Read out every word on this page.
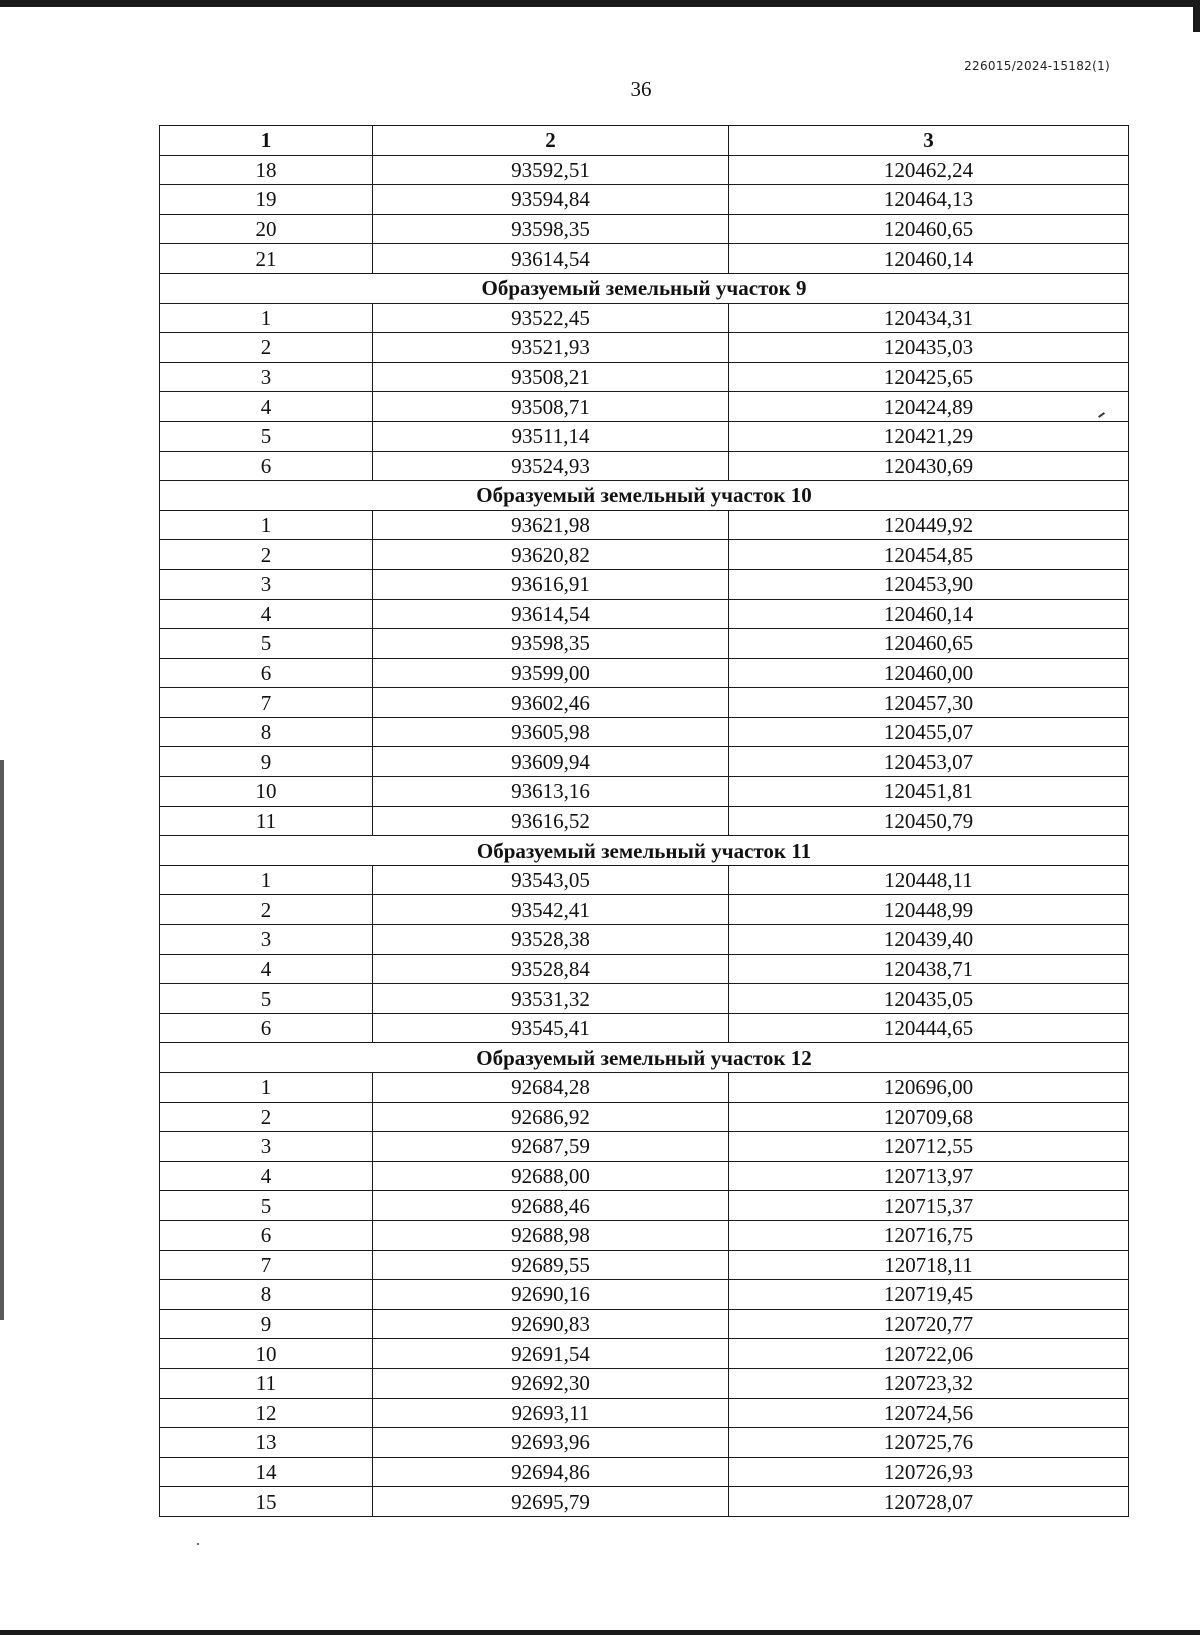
226015/2024-15182(1)
36
1	2	3
18	93592,51	120462,24
19	93594,84	120464,13
20	93598,35	120460,65
21	93614,54	120460,14
Образуемый земельный участок 9		
1	93522,45	120434,31
2	93521,93	120435,03
3	93508,21	120425,65
4	93508,71	120424,89
5	93511,14	120421,29
6	93524,93	120430,69
Образуемый земельный участок 10		
1	93621,98	120449,92
2	93620,82	120454,85
3	93616,91	120453,90
4	93614,54	120460,14
5	93598,35	120460,65
6	93599,00	120460,00
7	93602,46	120457,30
8	93605,98	120455,07
9	93609,94	120453,07
10	93613,16	120451,81
11	93616,52	120450,79
Образуемый земельный участок 11		
1	93543,05	120448,11
2	93542,41	120448,99
3	93528,38	120439,40
4	93528,84	120438,71
5	93531,32	120435,05
6	93545,41	120444,65
Образуемый земельный участок 12		
1	92684,28	120696,00
2	92686,92	120709,68
3	92687,59	120712,55
4	92688,00	120713,97
5	92688,46	120715,37
6	92688,98	120716,75
7	92689,55	120718,11
8	92690,16	120719,45
9	92690,83	120720,77
10	92691,54	120722,06
11	92692,30	120723,32
12	92693,11	120724,56
13	92693,96	120725,76
14	92694,86	120726,93
15	92695,79	120728,07
